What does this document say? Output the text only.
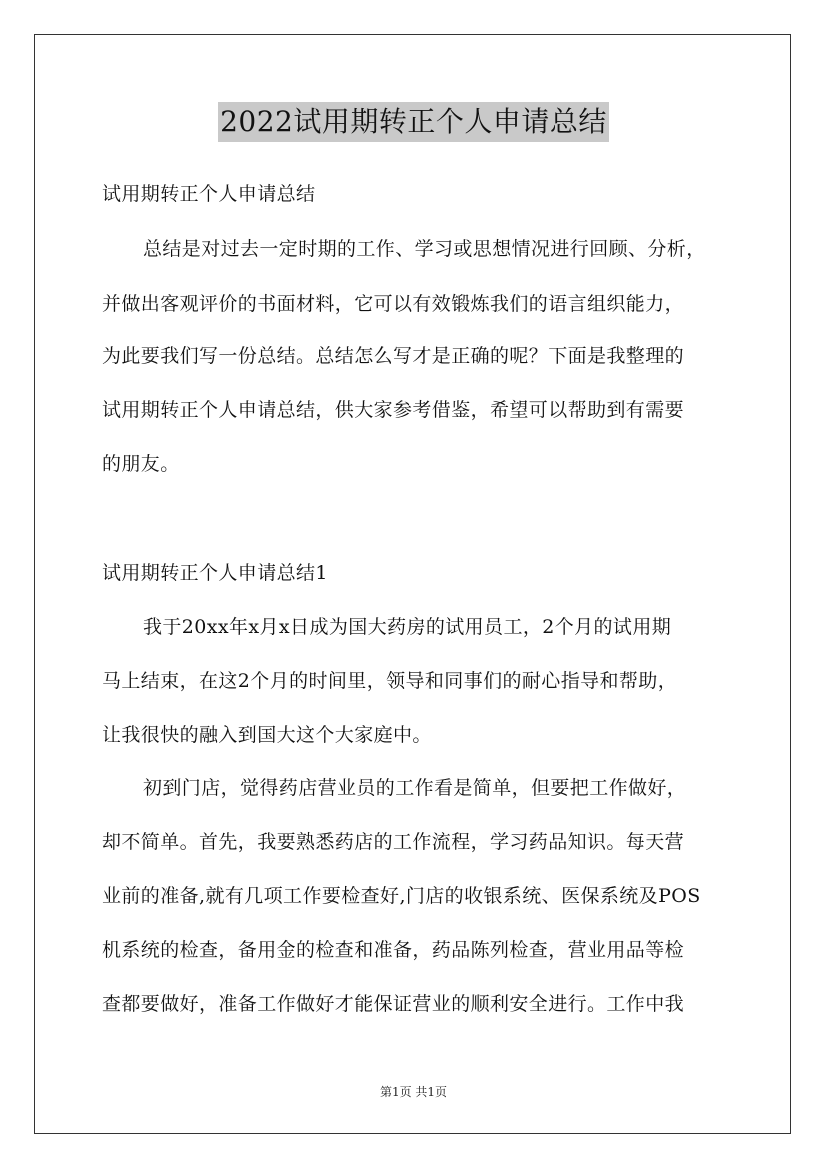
2022试用期转正个人申请总结
试用期转正个人申请总结
总结是对过去一定时期的工作、学习或思想情况进行回顾、分析，
并做出客观评价的书面材料，它可以有效锻炼我们的语言组织能力，
为此要我们写一份总结。总结怎么写才是正确的呢？下面是我整理的
试用期转正个人申请总结，供大家参考借鉴，希望可以帮助到有需要
的朋友。
试用期转正个人申请总结1
我于20xx年x月x日成为国大药房的试用员工，2个月的试用期
马上结束，在这2个月的时间里，领导和同事们的耐心指导和帮助，
让我很快的融入到国大这个大家庭中。
初到门店，觉得药店营业员的工作看是简单，但要把工作做好，
却不简单。首先，我要熟悉药店的工作流程，学习药品知识。每天营
业前的准备,就有几项工作要检查好,门店的收银系统、医保系统及POS
机系统的检查，备用金的检查和准备，药品陈列检查，营业用品等检
查都要做好，准备工作做好才能保证营业的顺利安全进行。工作中我
第1页 共1页
